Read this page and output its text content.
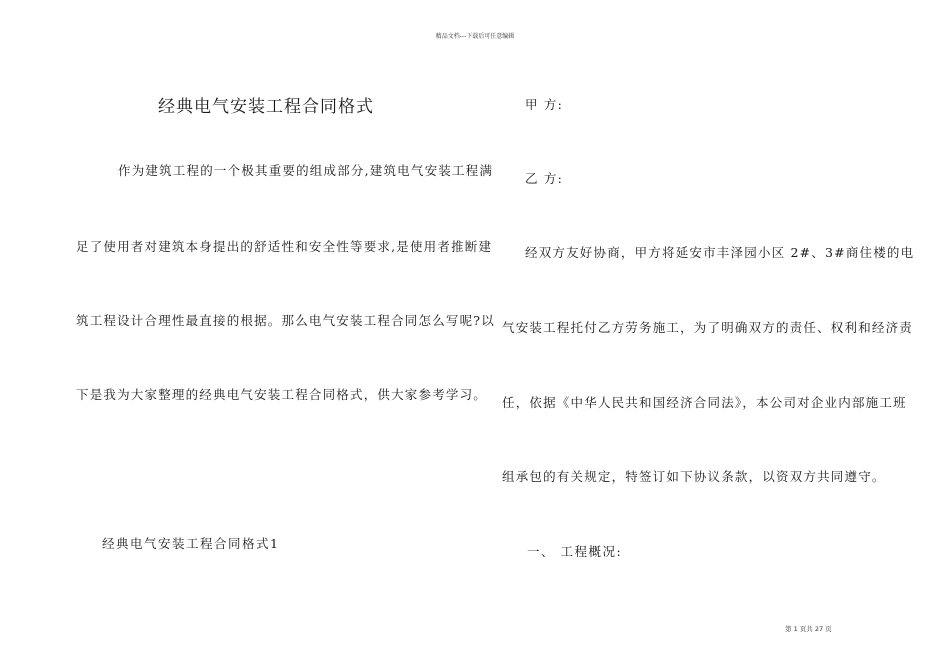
精品文档---下载后可任意编辑
经典电气安装工程合同格式
作为建筑工程的一个极其重要的组成部分,建筑电气安装工程满
足了使用者对建筑本身提出的舒适性和安全性等要求,是使用者推断建
筑工程设计合理性最直接的根据。那么电气安装工程合同怎么写呢?以
下是我为大家整理的经典电气安装工程合同格式，供大家参考学习。
经典电气安装工程合同格式1
甲 方:
乙 方:
经双方友好协商，甲方将延安市丰泽园小区 2#、3#商住楼的电
气安装工程托付乙方劳务施工，为了明确双方的责任、权利和经济责
任，依据《中华人民共和国经济合同法》，本公司对企业内部施工班
组承包的有关规定，特签订如下协议条款，以资双方共同遵守。
一、 工程概况:
第 1 页共 27 页
